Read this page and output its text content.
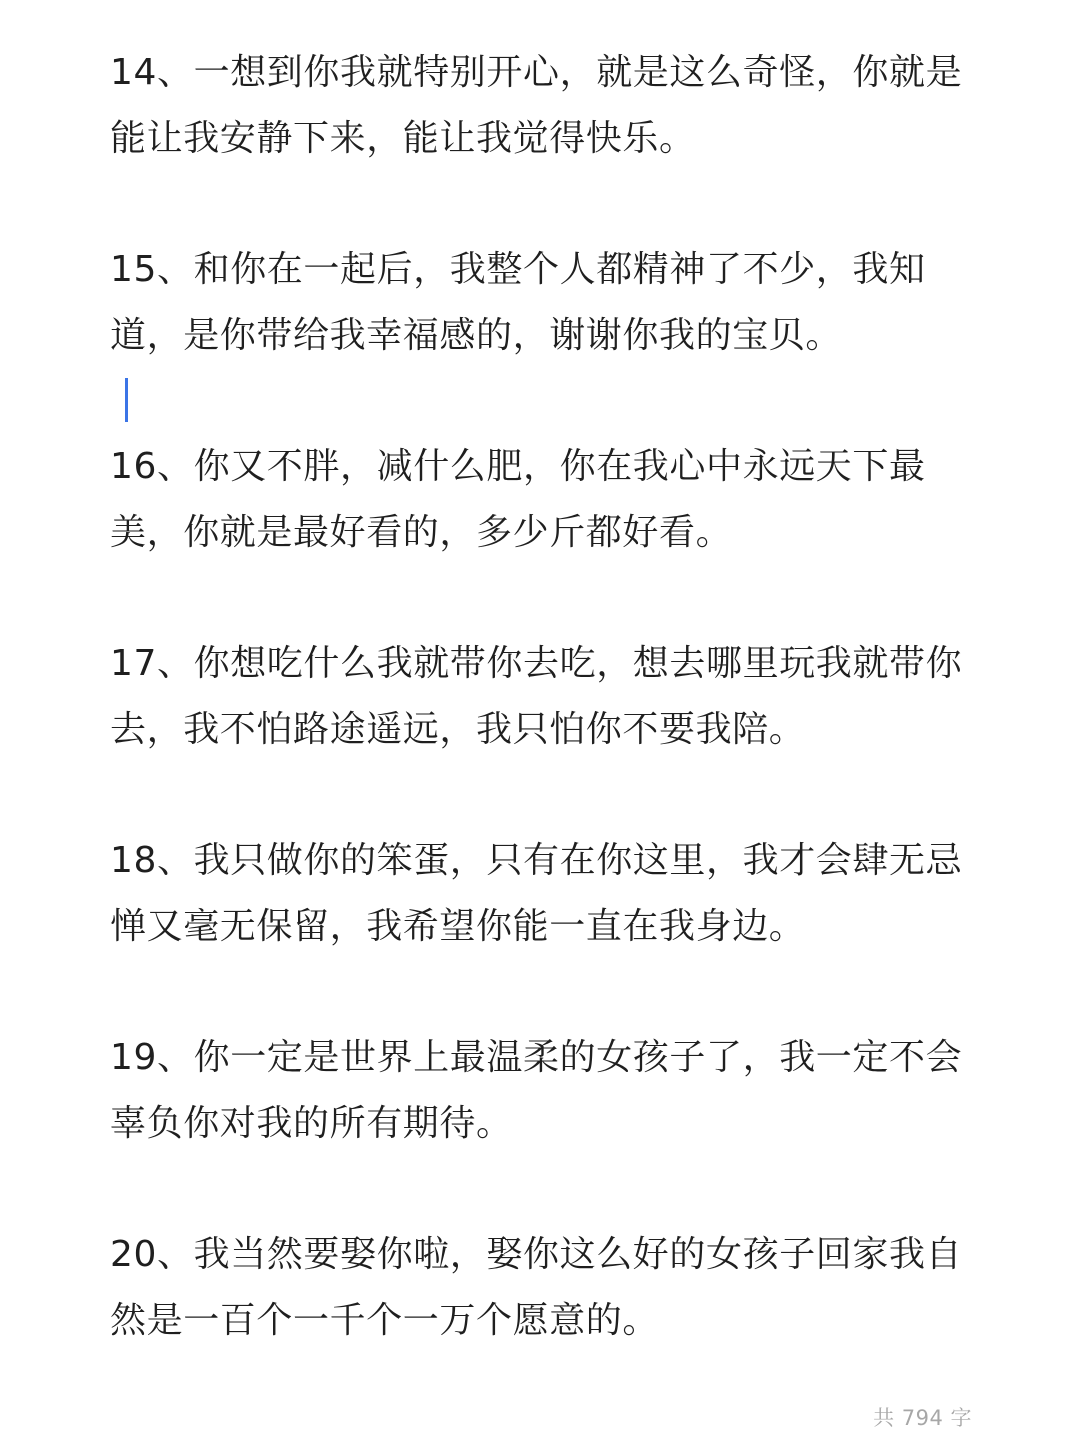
14、一想到你我就特别开心，就是这么奇怪，你就是
能让我安静下来，能让我觉得快乐。
15、和你在一起后，我整个人都精神了不少，我知
道，是你带给我幸福感的，谢谢你我的宝贝。
16、你又不胖，减什么肥，你在我心中永远天下最
美，你就是最好看的，多少斤都好看。
17、你想吃什么我就带你去吃，想去哪里玩我就带你
去，我不怕路途遥远，我只怕你不要我陪。
18、我只做你的笨蛋，只有在你这里，我才会肆无忌
惮又毫无保留，我希望你能一直在我身边。
19、你一定是世界上最温柔的女孩子了，我一定不会
辜负你对我的所有期待。
20、我当然要娶你啦，娶你这么好的女孩子回家我自
然是一百个一千个一万个愿意的。
共 794 字
